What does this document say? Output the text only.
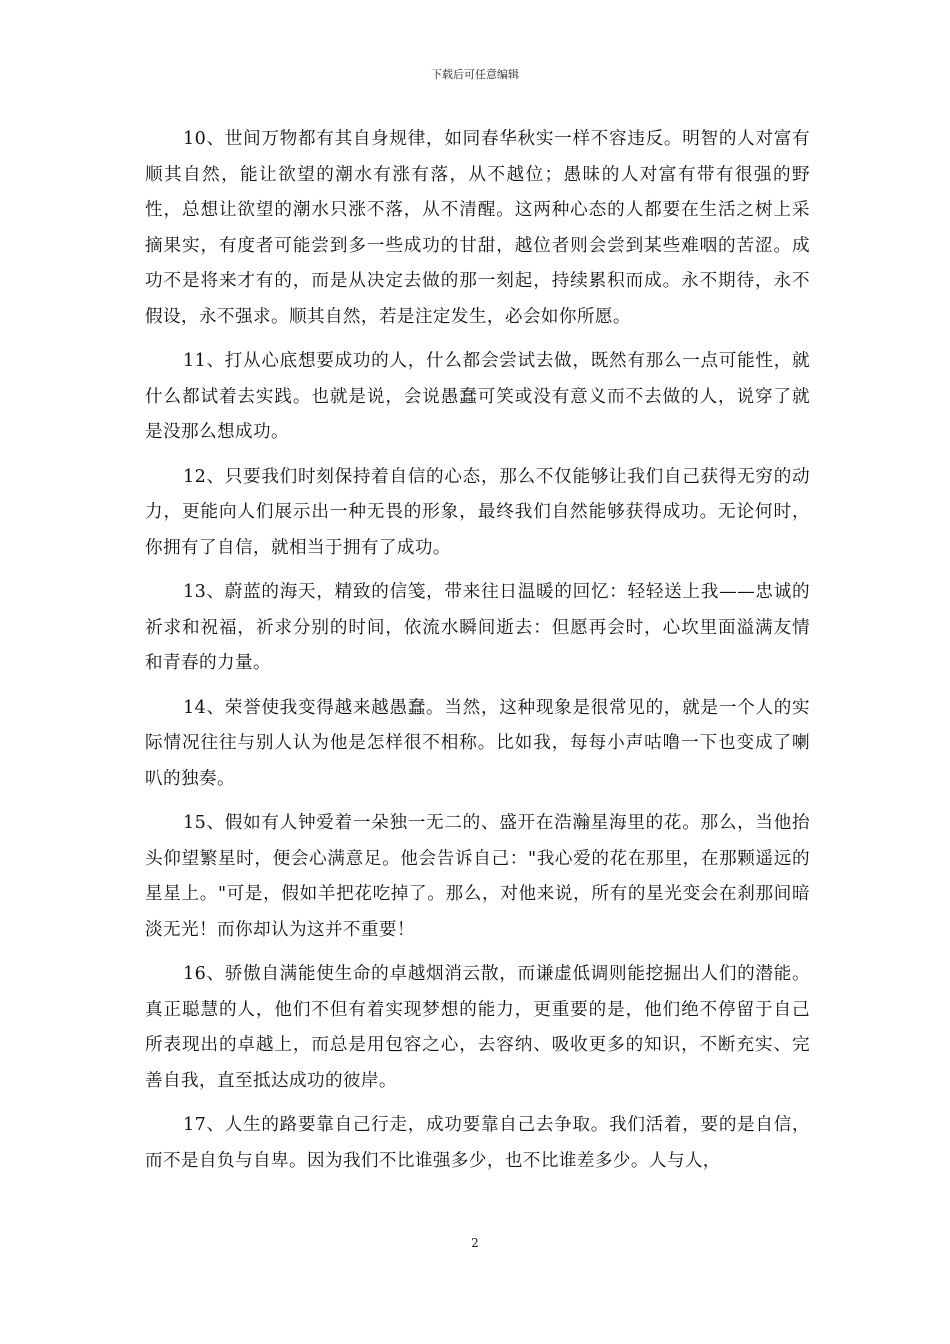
下载后可任意编辑

10、世间万物都有其自身规律，如同春华秋实一样不容违反。明智的人对富有顺其自然，能让欲望的潮水有涨有落，从不越位；愚昧的人对富有带有很强的野性，总想让欲望的潮水只涨不落，从不清醒。这两种心态的人都要在生活之树上采摘果实，有度者可能尝到多一些成功的甘甜，越位者则会尝到某些难咽的苦涩。成功不是将来才有的，而是从决定去做的那一刻起，持续累积而成。永不期待，永不假设，永不强求。顺其自然，若是注定发生，必会如你所愿。

11、打从心底想要成功的人，什么都会尝试去做，既然有那么一点可能性，就什么都试着去实践。也就是说，会说愚蠢可笑或没有意义而不去做的人，说穿了就是没那么想成功。

12、只要我们时刻保持着自信的心态，那么不仅能够让我们自己获得无穷的动力，更能向人们展示出一种无畏的形象，最终我们自然能够获得成功。无论何时，你拥有了自信，就相当于拥有了成功。

13、蔚蓝的海天，精致的信笺，带来往日温暖的回忆：轻轻送上我——忠诚的祈求和祝福，祈求分别的时间，依流水瞬间逝去：但愿再会时，心坎里面溢满友情和青春的力量。

14、荣誉使我变得越来越愚蠢。当然，这种现象是很常见的，就是一个人的实际情况往往与别人认为他是怎样很不相称。比如我，每每小声咕噜一下也变成了喇叭的独奏。

15、假如有人钟爱着一朵独一无二的、盛开在浩瀚星海里的花。那么，当他抬头仰望繁星时，便会心满意足。他会告诉自己："我心爱的花在那里，在那颗遥远的星星上。"可是，假如羊把花吃掉了。那么，对他来说，所有的星光变会在刹那间暗淡无光！而你却认为这并不重要！

16、骄傲自满能使生命的卓越烟消云散，而谦虚低调则能挖掘出人们的潜能。真正聪慧的人，他们不但有着实现梦想的能力，更重要的是，他们绝不停留于自己所表现出的卓越上，而总是用包容之心，去容纳、吸收更多的知识，不断充实、完善自我，直至抵达成功的彼岸。

17、人生的路要靠自己行走，成功要靠自己去争取。我们活着，要的是自信，而不是自负与自卑。因为我们不比谁强多少，也不比谁差多少。人与人，

2
